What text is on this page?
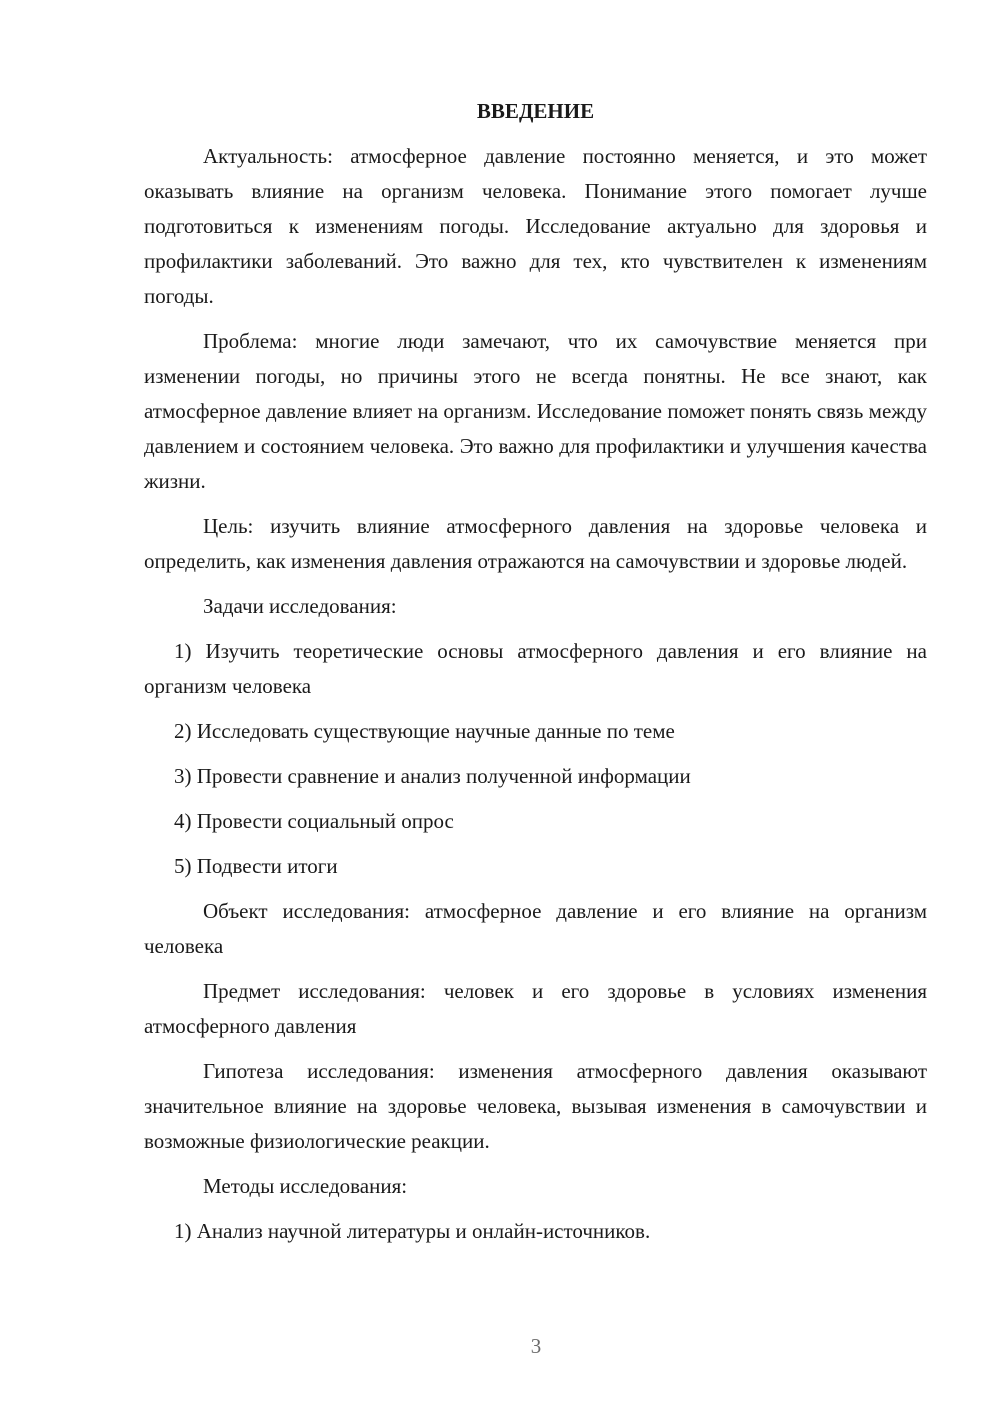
ВВЕДЕНИЕ

Актуальность: атмосферное давление постоянно меняется, и это может оказывать влияние на организм человека. Понимание этого помогает лучше подготовиться к изменениям погоды. Исследование актуально для здоровья и профилактики заболеваний. Это важно для тех, кто чувствителен к изменениям погоды.

Проблема: многие люди замечают, что их самочувствие меняется при изменении погоды, но причины этого не всегда понятны. Не все знают, как атмосферное давление влияет на организм. Исследование поможет понять связь между давлением и состоянием человека. Это важно для профилактики и улучшения качества жизни.

Цель: изучить влияние атмосферного давления на здоровье человека и определить, как изменения давления отражаются на самочувствии и здоровье людей.

Задачи исследования:

1) Изучить теоретические основы атмосферного давления и его влияние на организм человека

2) Исследовать существующие научные данные по теме

3) Провести сравнение и анализ полученной информации

4) Провести социальный опрос

5) Подвести итоги

Объект исследования: атмосферное давление и его влияние на организм человека

Предмет исследования: человек и его здоровье в условиях изменения атмосферного давления

Гипотеза исследования: изменения атмосферного давления оказывают значительное влияние на здоровье человека, вызывая изменения в самочувствии и возможные физиологические реакции.

Методы исследования:

1) Анализ научной литературы и онлайн-источников.

3
